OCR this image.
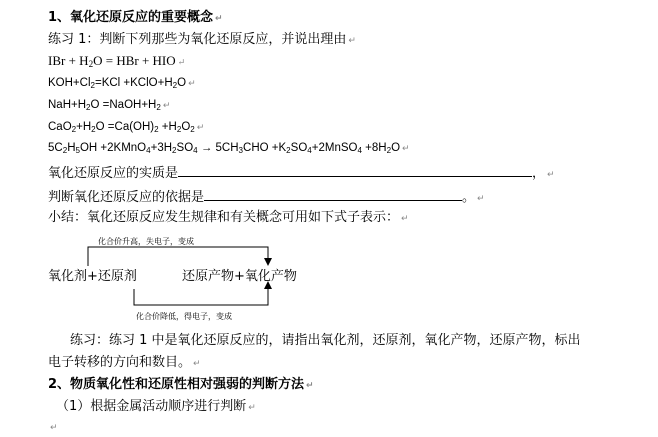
1、氧化还原反应的重要概念 ↵
练习 1：判断下列那些为氧化还原反应，并说出理由 ↵
IBr + $H_2O$ = HBr + HIO ↵
$KOH+Cl_2=KCl$ $+KClO+H_2O$ ↵
$NaH+H_2O$ $=NaOH+H_2$ ↵
$CaO_2+H_2O =Ca(OH)_2 +H_2O_2$ ↵
$5C_2H_5OH$ $+2KMnO_4+3H_2SO_4 \to 5CH_3CHO$ $+K_2SO_4+2MnSO_4 +8H_2O$ ↵
氧化还原反应的实质是	， ↵
判断氧化还原反应的依据是	。 ↵
小结：氧化还原反应发生规律和有关概念可用如下式子表示： ↵
化合价升高，失电子，变成
化合价降低，得电子，变成
氧化剂+还原剂	还原产物+氧化产物
练习：练习 1 中是氧化还原反应的，请指出氧化剂，还原剂，氧化产物，还原产物，标出
电子转移的方向和数目。 ↵
2、物质氧化性和还原性相对强弱的判断方法 ↵
（1）根据金属活动顺序进行判断 ↵
↵
